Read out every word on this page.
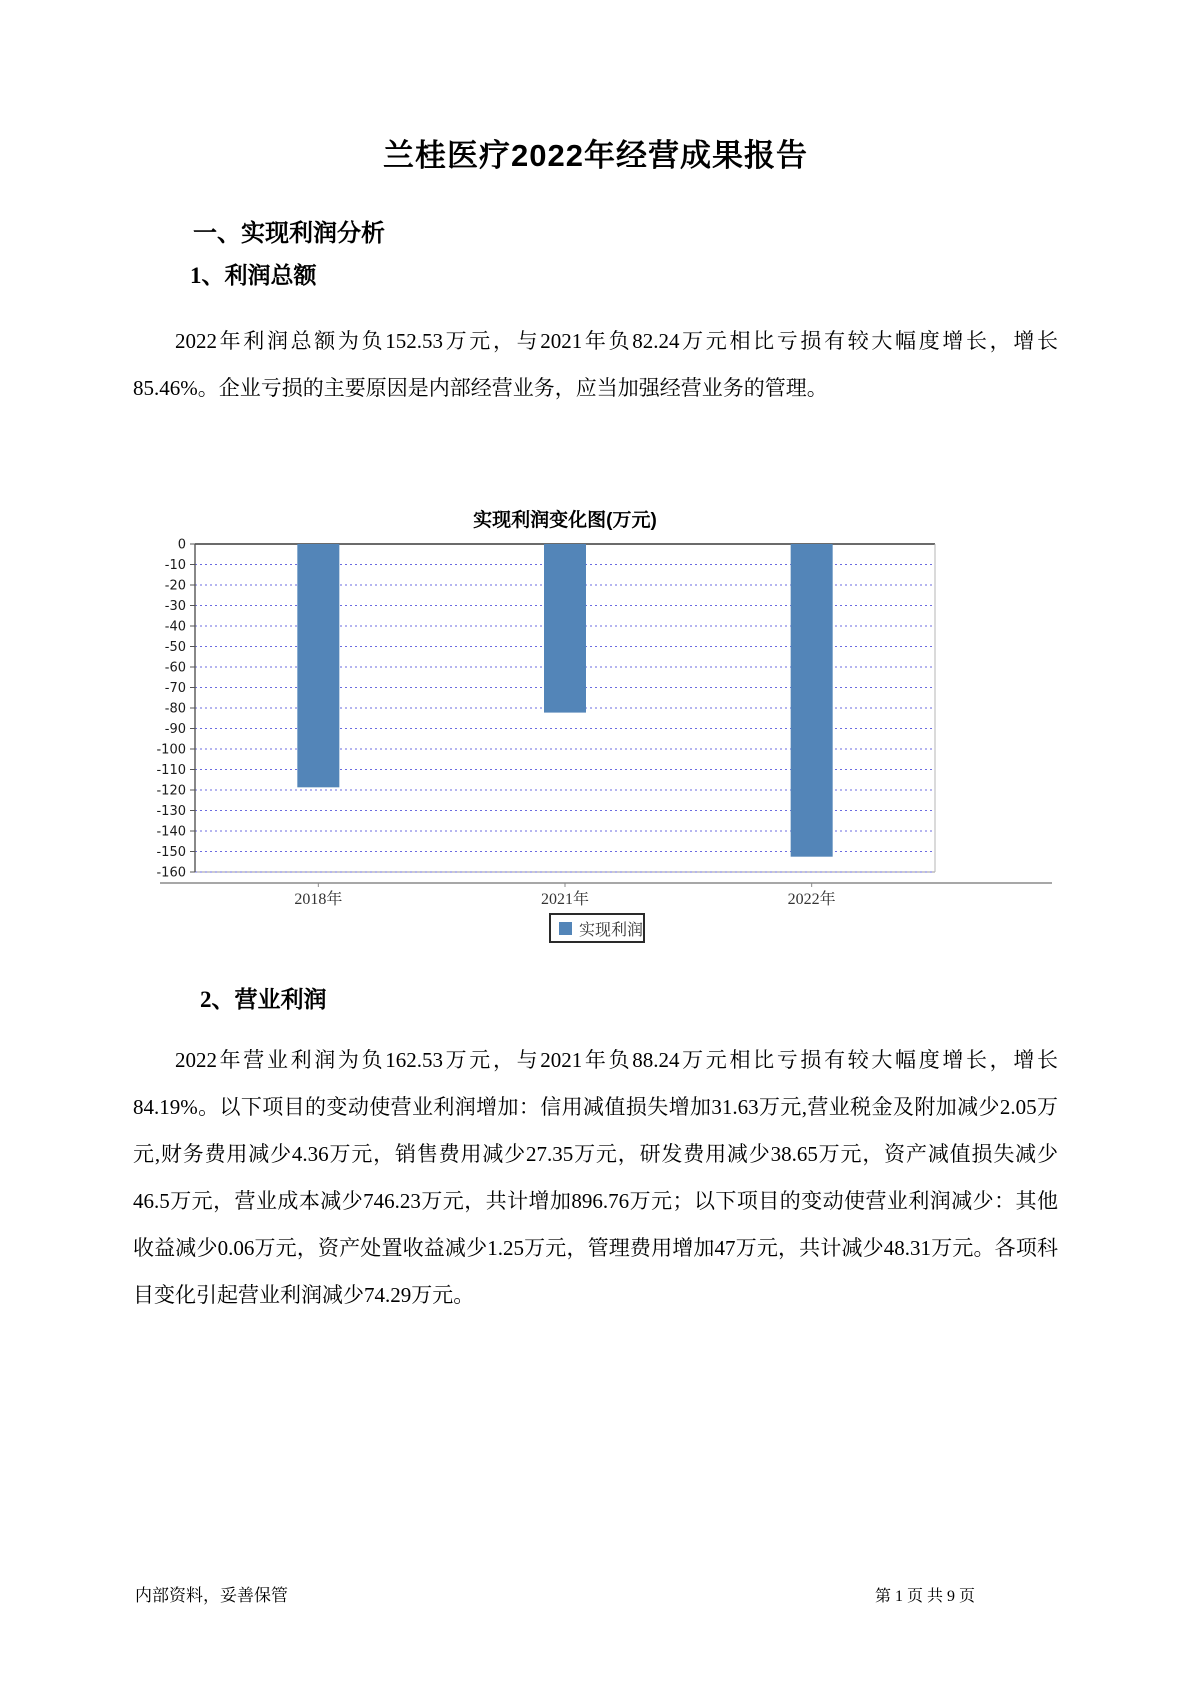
兰桂医疗2022年经营成果报告
一、实现利润分析
1、利润总额
2022年利润总额为负152.53万元，与2021年负82.24万元相比亏损有较大幅度增长，增长85.46%。企业亏损的主要原因是内部经营业务，应当加强经营业务的管理。
0
-10
-20
-30
-40
-50
-60
-70
-80
-90
-100
-110
-120
-130
-140
-150
-160
2018年	2021年	2022年
实现利润变化图(万元)
实现利润
2、营业利润
2022年营业利润为负162.53万元，与2021年负88.24万元相比亏损有较大幅度增长，增长84.19%。以下项目的变动使营业利润增加：信用减值损失增加31.63万元,营业税金及附加减少2.05万元,财务费用减少4.36万元，销售费用减少27.35万元，研发费用减少38.65万元，资产减值损失减少46.5万元，营业成本减少746.23万元，共计增加896.76万元；以下项目的变动使营业利润减少：其他收益减少0.06万元，资产处置收益减少1.25万元，管理费用增加47万元，共计减少48.31万元。各项科目变化引起营业利润减少74.29万元。
内部资料，妥善保管	第 1 页 共 9 页
